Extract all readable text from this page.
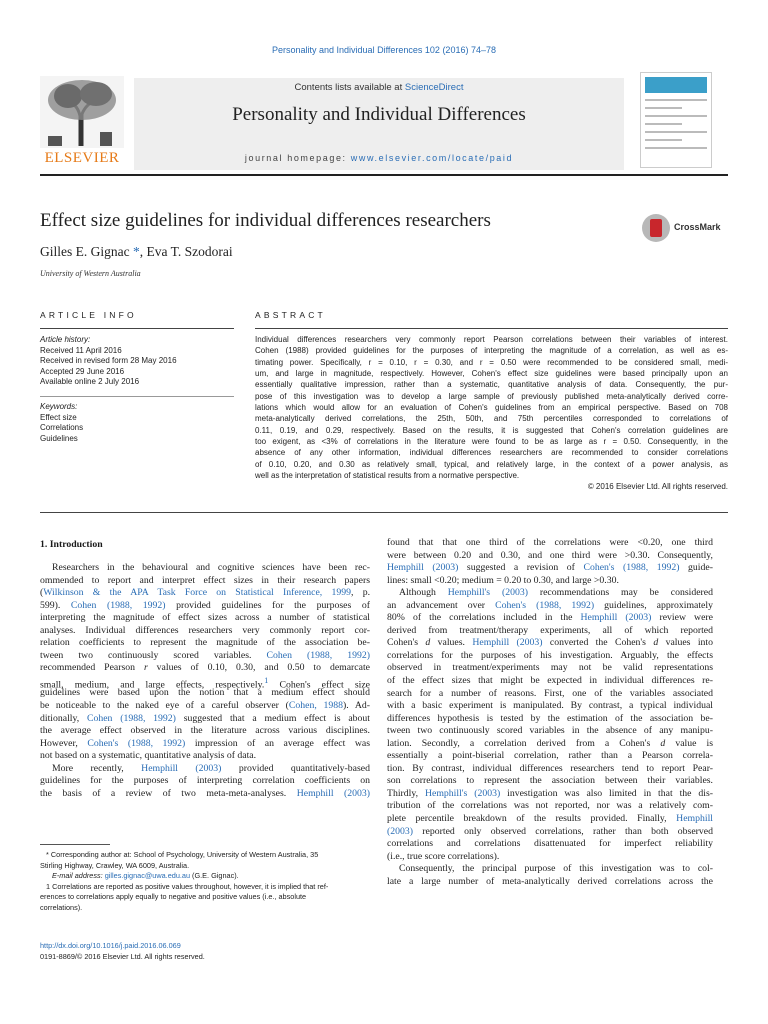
Personality and Individual Differences 102 (2016) 74–78
ELSEVIER
Contents lists available at ScienceDirect
Personality and Individual Differences
journal homepage: www.elsevier.com/locate/paid
Effect size guidelines for individual differences researchers	CrossMark
Gilles E. Gignac *, Eva T. Szodorai
University of Western Australia
ARTICLE INFO	ABSTRACT
Article history:
Received 11 April 2016
Received in revised form 28 May 2016
Accepted 29 June 2016
Available online 2 July 2016
Keywords:
Effect size
Correlations
Guidelines
Individual differences researchers very commonly report Pearson correlations between their variables of interest.
Cohen (1988) provided guidelines for the purposes of interpreting the magnitude of a correlation, as well as es-
timating power. Specifically, r = 0.10, r = 0.30, and r = 0.50 were recommended to be considered small, medi-
um, and large in magnitude, respectively. However, Cohen's effect size guidelines were based principally upon an
essentially qualitative impression, rather than a systematic, quantitative analysis of data. Consequently, the pur-
pose of this investigation was to develop a large sample of previously published meta-analytically derived corre-
lations which would allow for an evaluation of Cohen's guidelines from an empirical perspective. Based on 708
meta-analytically derived correlations, the 25th, 50th, and 75th percentiles corresponded to correlations of
0.11, 0.19, and 0.29, respectively. Based on the results, it is suggested that Cohen's correlation guidelines are
too exigent, as <3% of correlations in the literature were found to be as large as r = 0.50. Consequently, in the
absence of any other information, individual differences researchers are recommended to consider correlations
of 0.10, 0.20, and 0.30 as relatively small, typical, and relatively large, in the context of a power analysis, as
well as the interpretation of statistical results from a normative perspective.
© 2016 Elsevier Ltd. All rights reserved.
1. Introduction
Researchers in the behavioural and cognitive sciences have been rec-
ommended to report and interpret effect sizes in their research papers
(Wilkinson & the APA Task Force on Statistical Inference, 1999, p.
599). Cohen (1988, 1992) provided guidelines for the purposes of
interpreting the magnitude of effect sizes across a number of statistical
analyses. Individual differences researchers very commonly report cor-
relation coefficients to represent the magnitude of the association be-
tween two continuously scored variables. Cohen (1988, 1992)
recommended Pearson r values of 0.10, 0.30, and 0.50 to demarcate
small, medium, and large effects, respectively.$^1$ Cohen's effect size
guidelines were based upon the notion that a medium effect should
be noticeable to the naked eye of a careful observer (Cohen, 1988). Ad-
ditionally, Cohen (1988, 1992) suggested that a medium effect is about
the average effect observed in the literature across various disciplines.
However, Cohen's (1988, 1992) impression of an average effect was
not based on a systematic, quantitative analysis of data.
More recently, Hemphill (2003) provided quantitatively-based
guidelines for the purposes of interpreting correlation coefficients on
the basis of a review of two meta-meta-analyses. Hemphill (2003)
found that that one third of the correlations were <0.20, one third
were between 0.20 and 0.30, and one third were >0.30. Consequently,
Hemphill (2003) suggested a revision of Cohen's (1988, 1992) guide-
lines: small <0.20; medium = 0.20 to 0.30, and large >0.30.
Although Hemphill's (2003) recommendations may be considered
an advancement over Cohen's (1988, 1992) guidelines, approximately
80% of the correlations included in the Hemphill (2003) review were
derived from treatment/therapy experiments, all of which reported
Cohen's d values. Hemphill (2003) converted the Cohen's d values into
correlations for the purposes of his investigation. Arguably, the effects
observed in treatment/experiments may not be valid representations
of the effect sizes that might be expected in individual differences re-
search for a number of reasons. First, one of the variables associated
with a basic experiment is manipulated. By contrast, a typical individual
differences hypothesis is tested by the estimation of the association be-
tween two continuously scored variables in the absence of any manipu-
lation. Secondly, a correlation derived from a Cohen's d value is
essentially a point-biserial correlation, rather than a Pearson correla-
tion. By contrast, individual differences researchers tend to report Pear-
son correlations to represent the association between their variables.
Thirdly, Hemphill's (2003) investigation was also limited in that the dis-
tribution of the correlations was not reported, nor was a relatively com-
plete percentile breakdown of the results provided. Finally, Hemphill
(2003) reported only observed correlations, rather than both observed
correlations and correlations disattenuated for imperfect reliability
(i.e., true score correlations).
Consequently, the principal purpose of this investigation was to col-
late a large number of meta-analytically derived correlations across the
* Corresponding author at: School of Psychology, University of Western Australia, 35
Stirling Highway, Crawley, WA 6009, Australia.
E-mail address: gilles.gignac@uwa.edu.au (G.E. Gignac).
1 Correlations are reported as positive values throughout, however, it is implied that ref-
erences to correlations apply equally to negative and positive values (i.e., absolute
correlations).
http://dx.doi.org/10.1016/j.paid.2016.06.069
0191-8869/© 2016 Elsevier Ltd. All rights reserved.
